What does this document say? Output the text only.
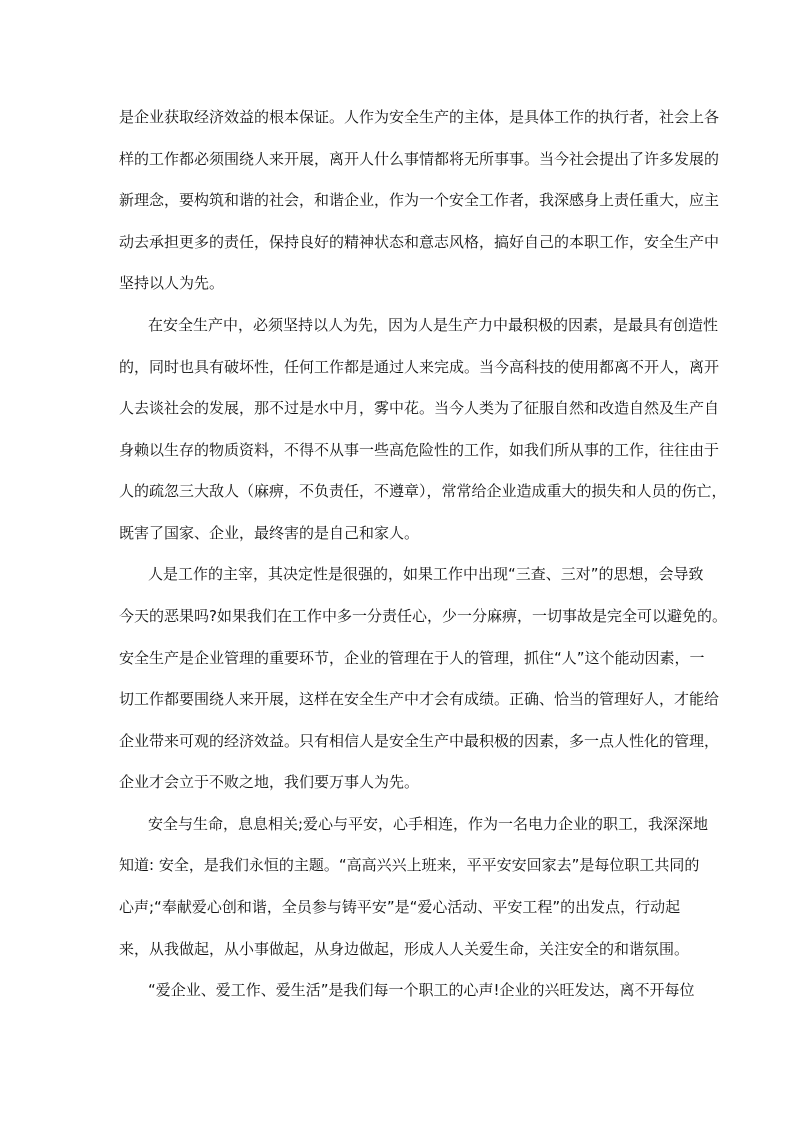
是企业获取经济效益的根本保证。人作为安全生产的主体，是具体工作的执行者，社会上各
样的工作都必须围绕人来开展，离开人什么事情都将无所事事。当今社会提出了许多发展的
新理念，要构筑和谐的社会，和谐企业，作为一个安全工作者，我深感身上责任重大，应主
动去承担更多的责任，保持良好的精神状态和意志风格，搞好自己的本职工作，安全生产中
坚持以人为先。
在安全生产中，必须坚持以人为先，因为人是生产力中最积极的因素，是最具有创造性
的，同时也具有破坏性，任何工作都是通过人来完成。当今高科技的使用都离不开人，离开
人去谈社会的发展，那不过是水中月，雾中花。当今人类为了征服自然和改造自然及生产自
身赖以生存的物质资料，不得不从事一些高危险性的工作，如我们所从事的工作，往往由于
人的疏忽三大敌人（麻痹，不负责任，不遵章），常常给企业造成重大的损失和人员的伤亡，
既害了国家、企业，最终害的是自己和家人。
人是工作的主宰，其决定性是很强的，如果工作中出现“三查、三对”的思想，会导致
今天的恶果吗?如果我们在工作中多一分责任心，少一分麻痹，一切事故是完全可以避免的。
安全生产是企业管理的重要环节，企业的管理在于人的管理，抓住“人”这个能动因素，一
切工作都要围绕人来开展，这样在安全生产中才会有成绩。正确、恰当的管理好人，才能给
企业带来可观的经济效益。只有相信人是安全生产中最积极的因素，多一点人性化的管理，
企业才会立于不败之地，我们要万事人为先。
安全与生命，息息相关;爱心与平安，心手相连，作为一名电力企业的职工，我深深地
知道: 安全，是我们永恒的主题。“高高兴兴上班来，平平安安回家去”是每位职工共同的
心声;“奉献爱心创和谐，全员参与铸平安”是“爱心活动、平安工程”的出发点，行动起
来，从我做起，从小事做起，从身边做起，形成人人关爱生命，关注安全的和谐氛围。
“爱企业、爱工作、爱生活”是我们每一个职工的心声!企业的兴旺发达，离不开每位
